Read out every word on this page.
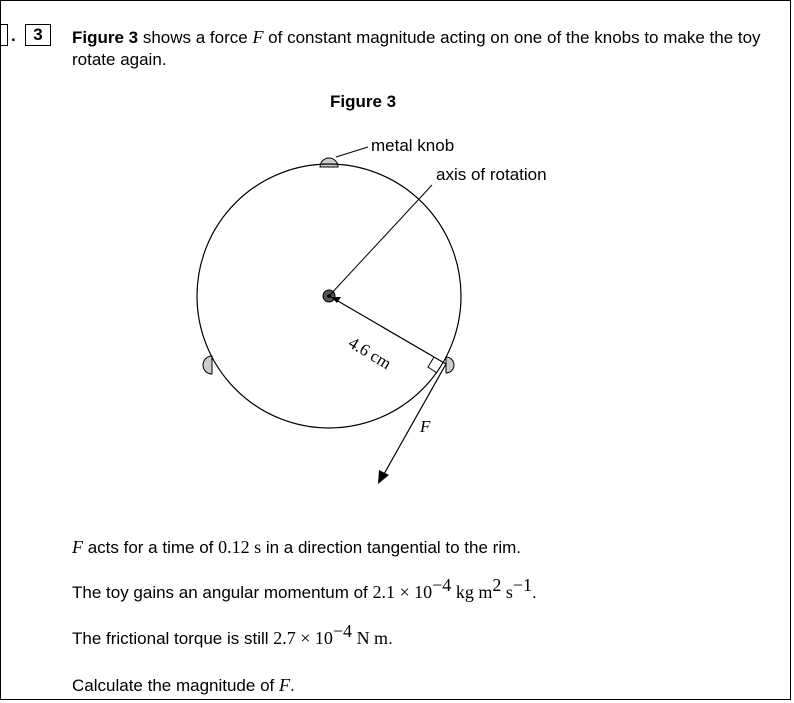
.	3	Figure 3 shows a force F of constant magnitude acting on one of the knobs to make the toy rotate again.
Figure 3
metal knob
axis of rotation
4.6 cm
F
F acts for a time of 0.12 s in a direction tangential to the rim.
The toy gains an angular momentum of $2.1 \times 10^{-4}$ kg $m^2$ $s^{-1}$.
The frictional torque is still $2.7 \times 10^{-4}$ N m.
Calculate the magnitude of F.
